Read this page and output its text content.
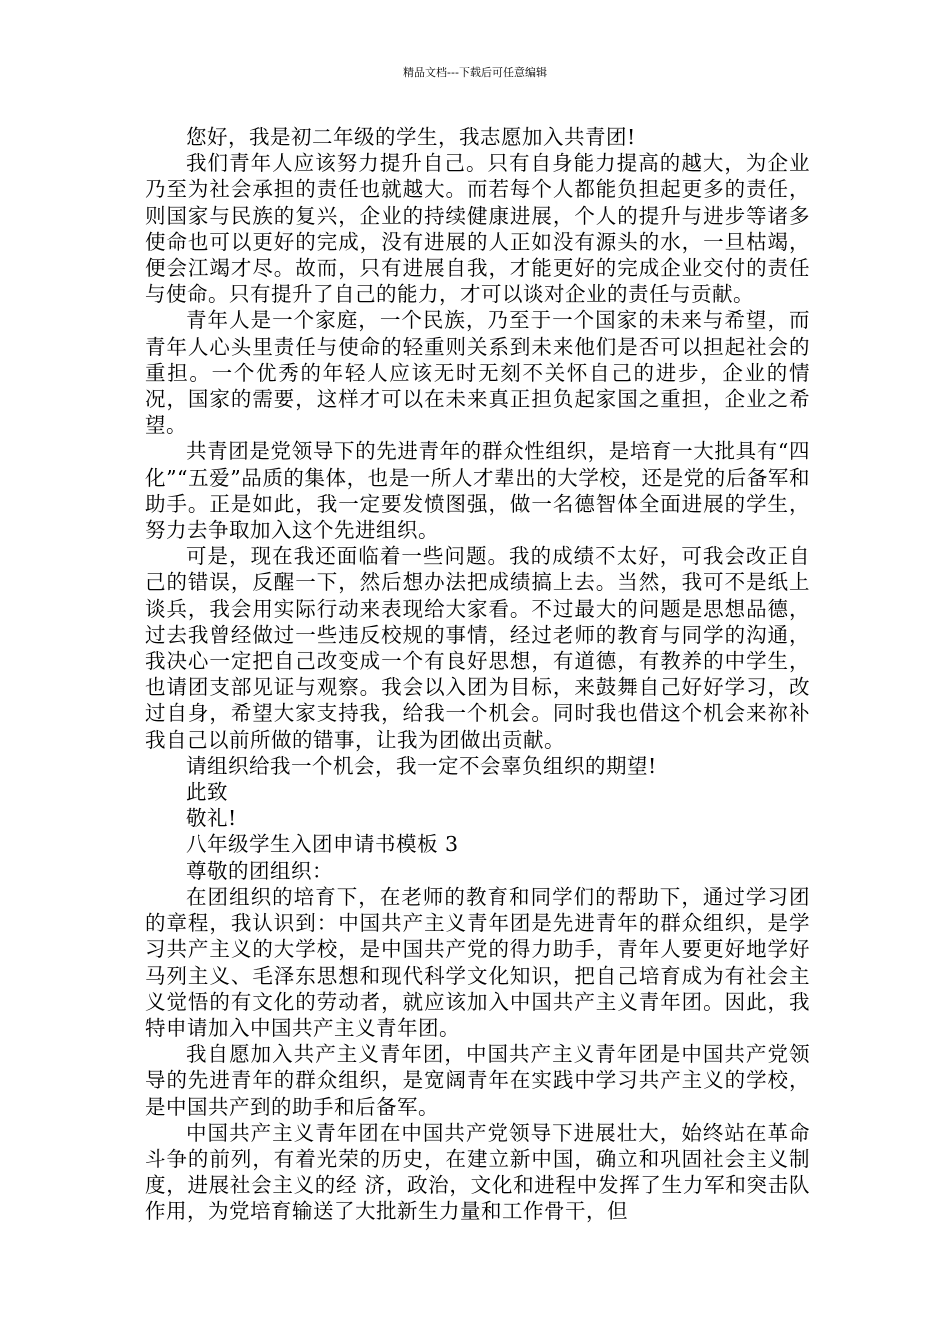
精品文档---下载后可任意编辑

您好，我是初二年级的学生，我志愿加入共青团!

我们青年人应该努力提升自己。只有自身能力提高的越大，为企业乃至为社会承担的责任也就越大。而若每个人都能负担起更多的责任，则国家与民族的复兴，企业的持续健康进展，个人的提升与进步等诸多使命也可以更好的完成，没有进展的人正如没有源头的水，一旦枯竭，便会江竭才尽。故而，只有进展自我，才能更好的完成企业交付的责任与使命。只有提升了自己的能力，才可以谈对企业的责任与贡献。

青年人是一个家庭，一个民族，乃至于一个国家的未来与希望，而青年人心头里责任与使命的轻重则关系到未来他们是否可以担起社会的重担。一个优秀的年轻人应该无时无刻不关怀自己的进步，企业的情况，国家的需要，这样才可以在未来真正担负起家国之重担，企业之希望。

共青团是党领导下的先进青年的群众性组织，是培育一大批具有“四化”“五爱”品质的集体，也是一所人才辈出的大学校，还是党的后备军和助手。正是如此，我一定要发愤图强，做一名德智体全面进展的学生，努力去争取加入这个先进组织。

可是，现在我还面临着一些问题。我的成绩不太好，可我会改正自己的错误，反醒一下，然后想办法把成绩搞上去。当然，我可不是纸上谈兵，我会用实际行动来表现给大家看。不过最大的问题是思想品德，过去我曾经做过一些违反校规的事情，经过老师的教育与同学的沟通，我决心一定把自己改变成一个有良好思想，有道德，有教养的中学生，也请团支部见证与观察。我会以入团为目标，来鼓舞自己好好学习，改过自身，希望大家支持我，给我一个机会。同时我也借这个机会来祢补我自己以前所做的错事，让我为团做出贡献。

请组织给我一个机会，我一定不会辜负组织的期望!

此致

敬礼!

八年级学生入团申请书模板 3

尊敬的团组织：

在团组织的培育下，在老师的教育和同学们的帮助下，通过学习团的章程，我认识到：中国共产主义青年团是先进青年的群众组织，是学习共产主义的大学校，是中国共产党的得力助手，青年人要更好地学好马列主义、毛泽东思想和现代科学文化知识，把自己培育成为有社会主义觉悟的有文化的劳动者，就应该加入中国共产主义青年团。因此，我特申请加入中国共产主义青年团。

我自愿加入共产主义青年团，中国共产主义青年团是中国共产党领导的先进青年的群众组织，是宽阔青年在实践中学习共产主义的学校，是中国共产到的助手和后备军。

中国共产主义青年团在中国共产党领导下进展壮大，始终站在革命斗争的前列，有着光荣的历史，在建立新中国，确立和巩固社会主义制度，进展社会主义的经 济，政治，文化和进程中发挥了生力军和突击队作用，为党培育输送了大批新生力量和工作骨干，但
